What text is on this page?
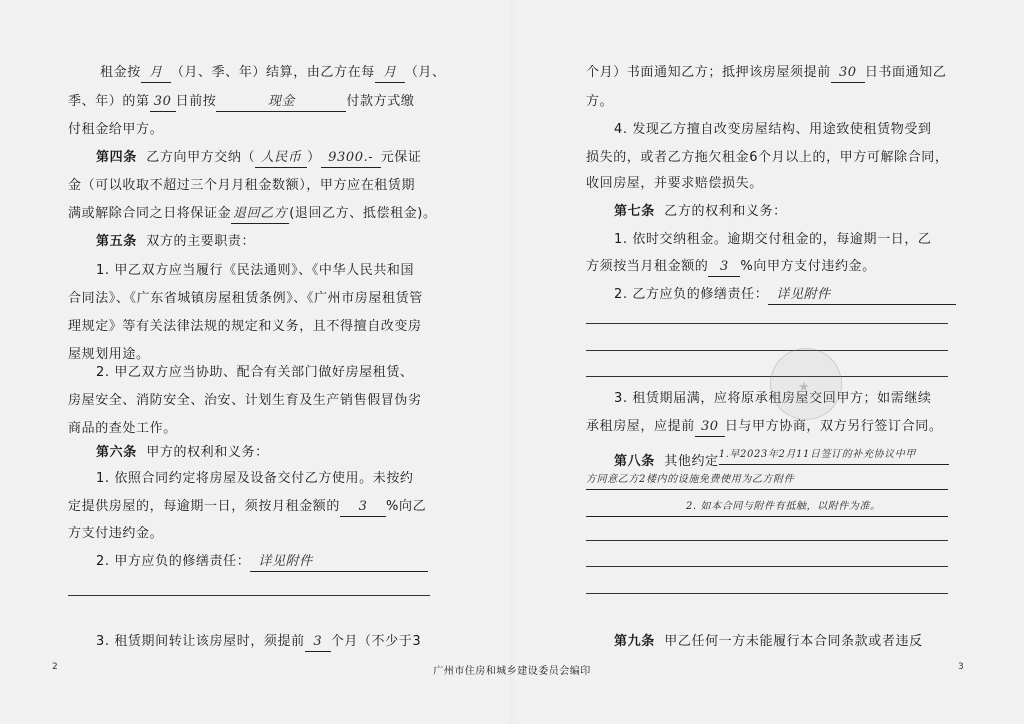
租金按 月 （月、季、年）结算，由乙方在每 月 （月、
季、年）的第 30 日前按	现金	付款方式缴
付租金给甲方。
第四条 乙方向甲方交纳（ 人民币 ） 9300.- 元保证
金（可以收取不超过三个月月租金数额），甲方应在租赁期
满或解除合同之日将保证金 退回乙方 (退回乙方、抵偿租金)。
第五条 双方的主要职责：
1. 甲乙双方应当履行《民法通则》、《中华人民共和国
合同法》、《广东省城镇房屋租赁条例》、《广州市房屋租赁管
理规定》等有关法律法规的规定和义务，且不得擅自改变房
屋规划用途。
2. 甲乙双方应当协助、配合有关部门做好房屋租赁、
房屋安全、消防安全、治安、计划生育及生产销售假冒伪劣
商品的查处工作。
第六条 甲方的权利和义务：
1. 依照合同约定将房屋及设备交付乙方使用。未按约
定提供房屋的，每逾期一日，须按月租金额的 3 %向乙
方支付违约金。
2. 甲方应负的修缮责任： 详见附件
3. 租赁期间转让该房屋时，须提前 3 个月（不少于3
2
个月）书面通知乙方；抵押该房屋须提前 30 日书面通知乙
方。
4. 发现乙方擅自改变房屋结构、用途致使租赁物受到
损失的，或者乙方拖欠租金6个月以上的，甲方可解除合同，
收回房屋，并要求赔偿损失。
第七条 乙方的权利和义务：
1. 依时交纳租金。逾期交付租金的，每逾期一日，乙
方须按当月租金额的 3 %向甲方支付违约金。
2. 乙方应负的修缮责任： 详见附件
3. 租赁期届满，应将原承租房屋交回甲方；如需继续
承租房屋，应提前 30 日与甲方协商，双方另行签订合同。
第八条 其他约定1.早2023年2月11日签订的补充协议中甲
方同意乙方2楼内的设施免费使用为乙方附件
2. 如本合同与附件有抵触，以附件为准。
第九条 甲乙任何一方未能履行本合同条款或者违反
3
★
广州市住房和城乡建设委员会编印
